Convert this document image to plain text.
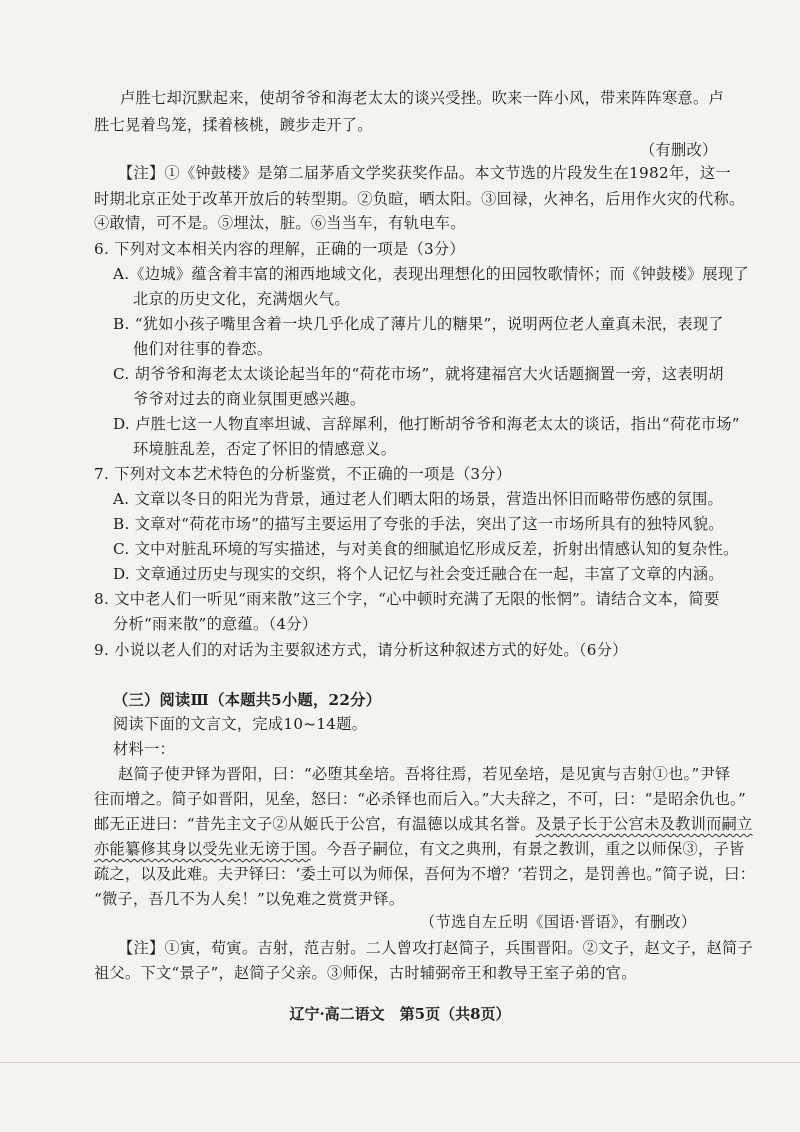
卢胜七却沉默起来，使胡爷爷和海老太太的谈兴受挫。吹来一阵小风，带来阵阵寒意。卢
胜七晃着鸟笼，揉着核桃，踱步走开了。
（有删改）
【注】①《钟鼓楼》是第二届茅盾文学奖获奖作品。本文节选的片段发生在1982年，这一
时期北京正处于改革开放后的转型期。②负暄，晒太阳。③回禄，火神名，后用作火灾的代称。
④敢情，可不是。⑤埋汰，脏。⑥当当车，有轨电车。
6. 下列对文本相关内容的理解，正确的一项是（3分）
A.《边城》蕴含着丰富的湘西地域文化，表现出理想化的田园牧歌情怀；而《钟鼓楼》展现了
北京的历史文化，充满烟火气。
B. “犹如小孩子嘴里含着一块几乎化成了薄片儿的糖果”，说明两位老人童真未泯，表现了
他们对往事的眷恋。
C. 胡爷爷和海老太太谈论起当年的“荷花市场”，就将建福宫大火话题搁置一旁，这表明胡
爷爷对过去的商业氛围更感兴趣。
D. 卢胜七这一人物直率坦诚、言辞犀利，他打断胡爷爷和海老太太的谈话，指出“荷花市场”
环境脏乱差，否定了怀旧的情感意义。
7. 下列对文本艺术特色的分析鉴赏，不正确的一项是（3分）
A. 文章以冬日的阳光为背景，通过老人们晒太阳的场景，营造出怀旧而略带伤感的氛围。
B. 文章对“荷花市场”的描写主要运用了夸张的手法，突出了这一市场所具有的独特风貌。
C. 文中对脏乱环境的写实描述，与对美食的细腻追忆形成反差，折射出情感认知的复杂性。
D. 文章通过历史与现实的交织，将个人记忆与社会变迁融合在一起，丰富了文章的内涵。
8. 文中老人们一听见“雨来散”这三个字，“心中顿时充满了无限的怅惘”。请结合文本，简要
分析“雨来散”的意蕴。（4分）
9. 小说以老人们的对话为主要叙述方式，请分析这种叙述方式的好处。（6分）
（三）阅读Ⅲ（本题共5小题，22分）
阅读下面的文言文，完成10~14题。
材料一：
赵简子使尹铎为晋阳，曰：“必堕其垒培。吾将往焉，若见垒培，是见寅与吉射①也。”尹铎
往而增之。简子如晋阳，见垒，怒曰：“必杀铎也而后入。”大夫辞之，不可，曰：“是昭余仇也。”
邮无正进曰：“昔先主文子②从姬氏于公宫，有温德以成其名誉。及景子长于公宫未及教训而嗣立
亦能纂修其身以受先业无谤于国。今吾子嗣位，有文之典刑，有景之教训，重之以师保③，子皆
疏之，以及此难。夫尹铎曰：‘委土可以为师保，吾何为不增？’若罚之，是罚善也。”简子说，曰：
“微子，吾几不为人矣！”以免难之赏赏尹铎。
（节选自左丘明《国语·晋语》，有删改）
【注】①寅，荀寅。吉射，范吉射。二人曾攻打赵简子，兵围晋阳。②文子，赵文子，赵简子
祖父。下文“景子”，赵简子父亲。③师保，古时辅弼帝王和教导王室子弟的官。
辽宁·高二语文　第5页（共8页）
